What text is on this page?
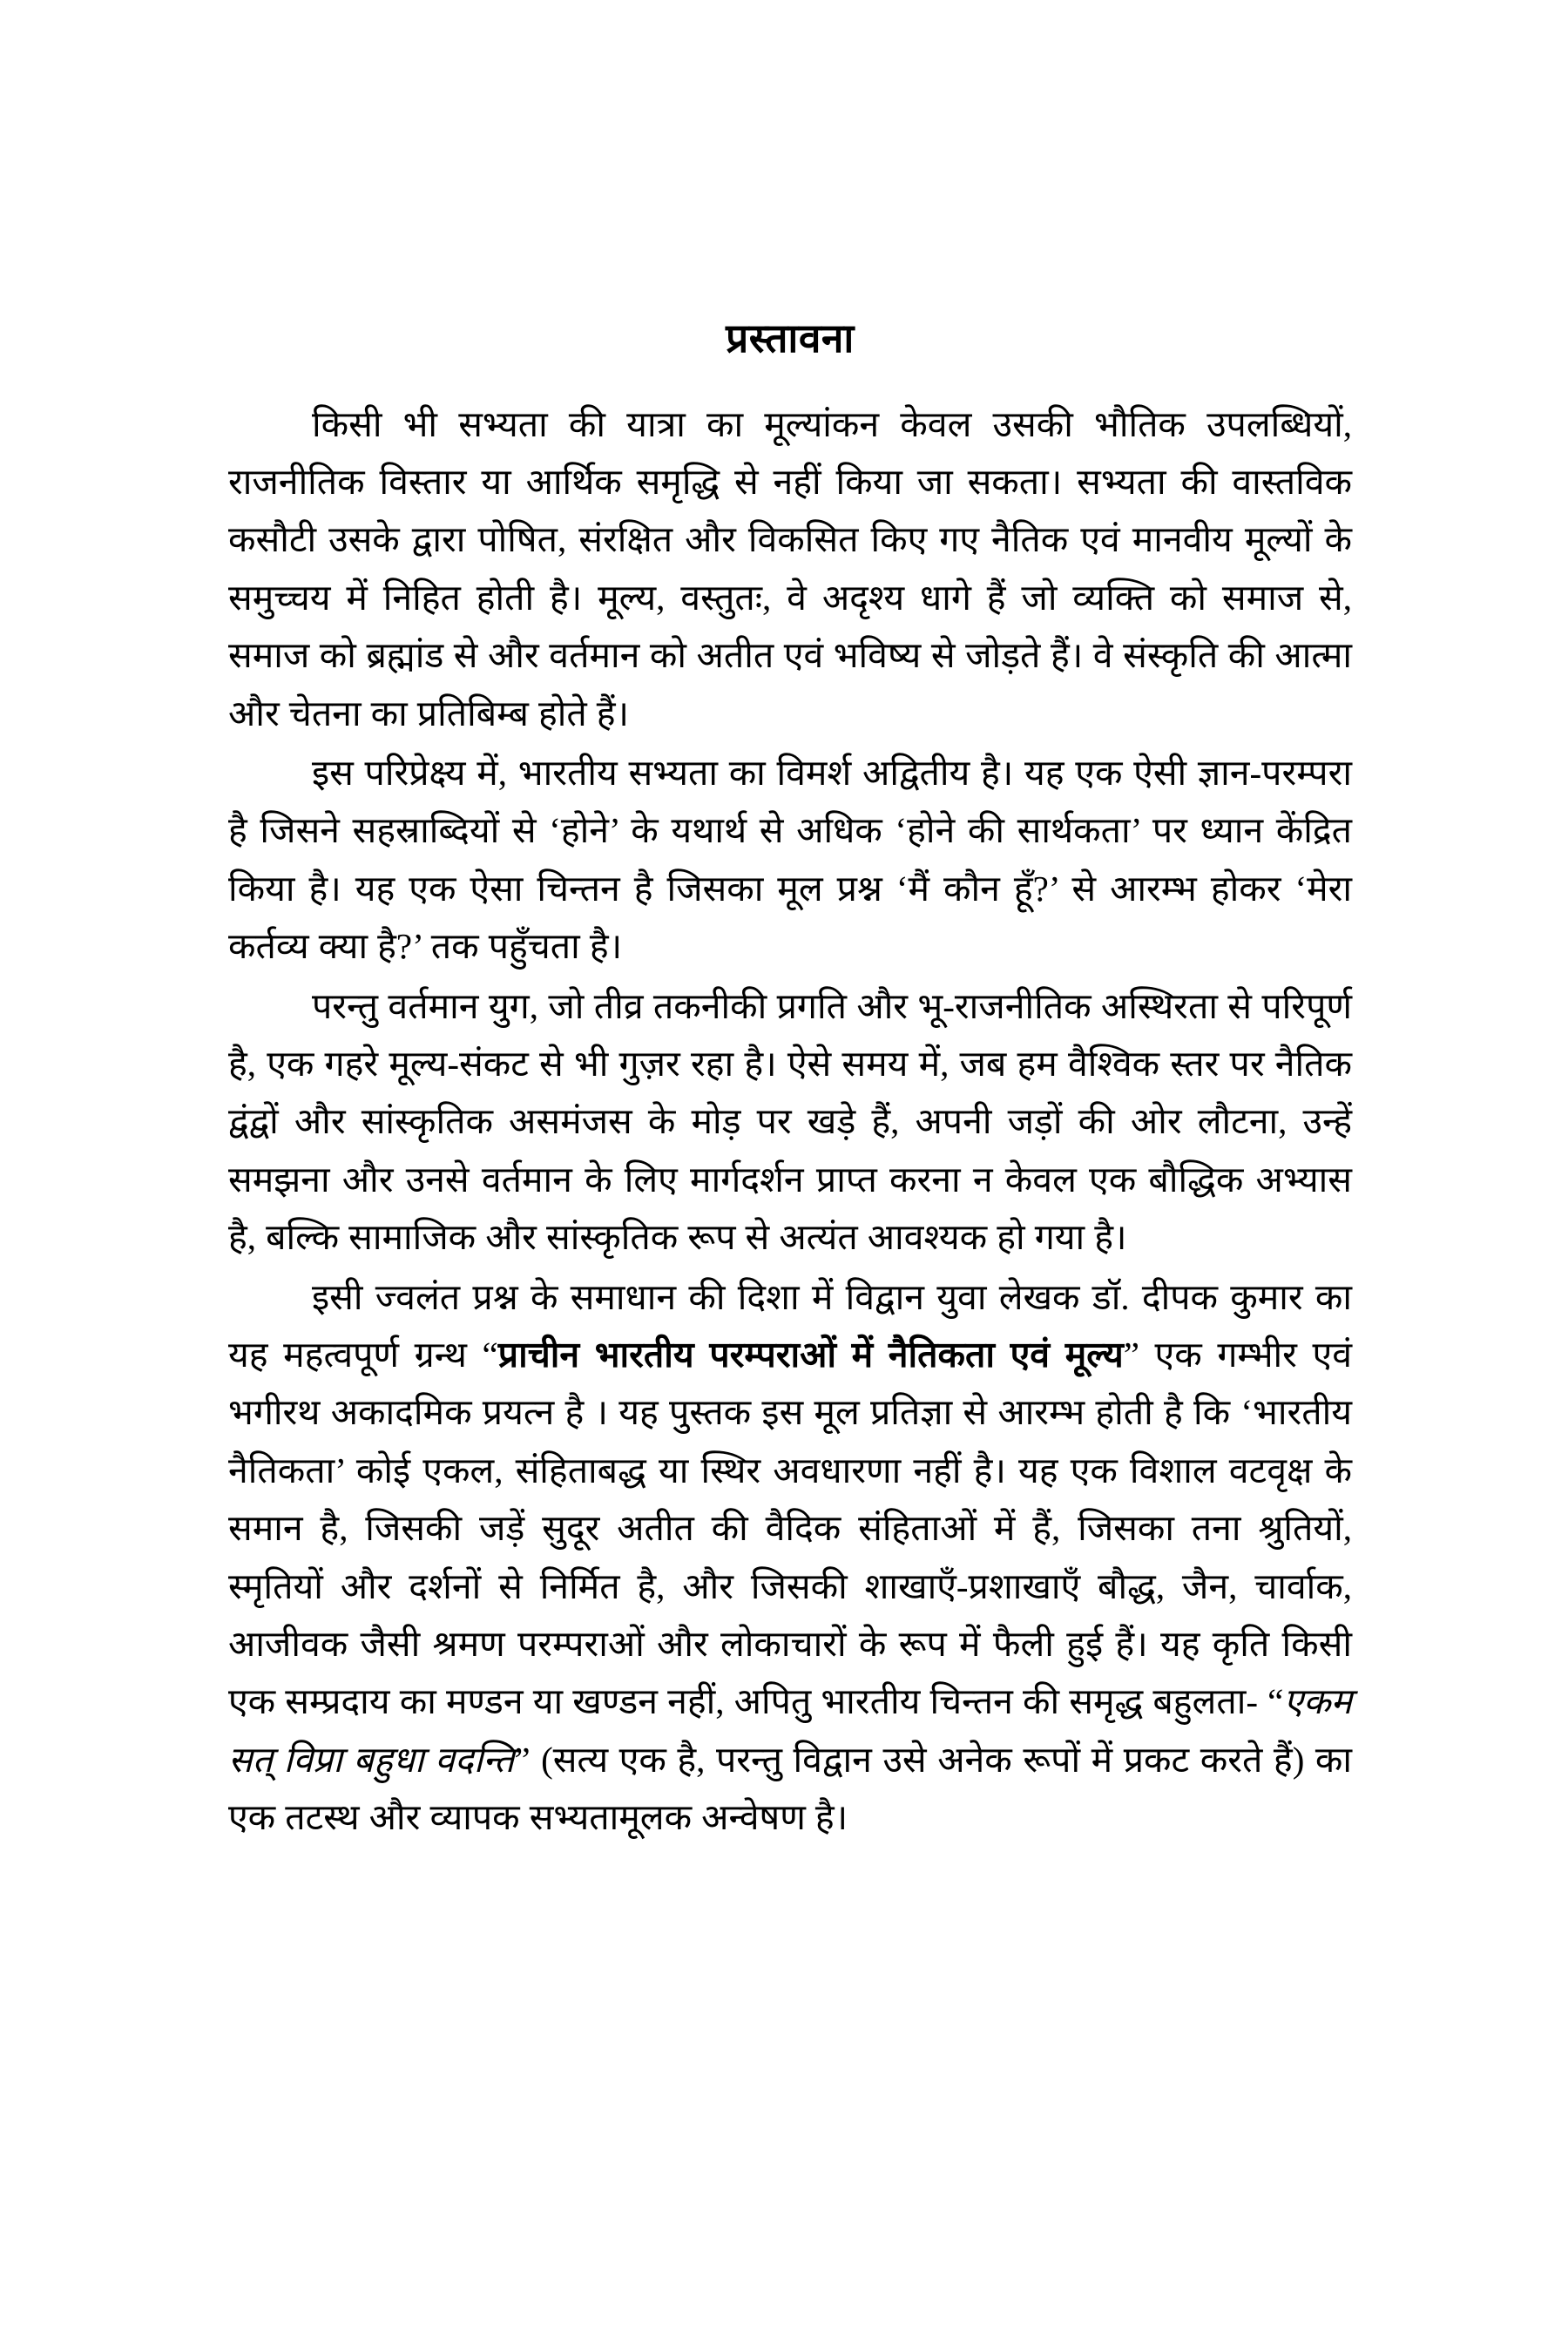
प्रस्तावना

किसी भी सभ्यता की यात्रा का मूल्यांकन केवल उसकी भौतिक उपलब्धियों, राजनीतिक विस्तार या आर्थिक समृद्धि से नहीं किया जा सकता। सभ्यता की वास्तविक कसौटी उसके द्वारा पोषित, संरक्षित और विकसित किए गए नैतिक एवं मानवीय मूल्यों के समुच्चय में निहित होती है। मूल्य, वस्तुतः, वे अदृश्य धागे हैं जो व्यक्ति को समाज से, समाज को ब्रह्मांड से और वर्तमान को अतीत एवं भविष्य से जोड़ते हैं। वे संस्कृति की आत्मा और चेतना का प्रतिबिम्ब होते हैं।

इस परिप्रेक्ष्य में, भारतीय सभ्यता का विमर्श अद्वितीय है। यह एक ऐसी ज्ञान-परम्परा है जिसने सहस्राब्दियों से ‘होने’ के यथार्थ से अधिक ‘होने की सार्थकता’ पर ध्यान केंद्रित किया है। यह एक ऐसा चिन्तन है जिसका मूल प्रश्न ‘मैं कौन हूँ?’ से आरम्भ होकर ‘मेरा कर्तव्य क्या है?’ तक पहुँचता है।

परन्तु वर्तमान युग, जो तीव्र तकनीकी प्रगति और भू-राजनीतिक अस्थिरता से परिपूर्ण है, एक गहरे मूल्य-संकट से भी गुज़र रहा है। ऐसे समय में, जब हम वैश्विक स्तर पर नैतिक द्वंद्वों और सांस्कृतिक असमंजस के मोड़ पर खड़े हैं, अपनी जड़ों की ओर लौटना, उन्हें समझना और उनसे वर्तमान के लिए मार्गदर्शन प्राप्त करना न केवल एक बौद्धिक अभ्यास है, बल्कि सामाजिक और सांस्कृतिक रूप से अत्यंत आवश्यक हो गया है।

इसी ज्वलंत प्रश्न के समाधान की दिशा में विद्वान युवा लेखक डॉ. दीपक कुमार का यह महत्वपूर्ण ग्रन्थ “प्राचीन भारतीय परम्पराओं में नैतिकता एवं मूल्य” एक गम्भीर एवं भगीरथ अकादमिक प्रयत्न है । यह पुस्तक इस मूल प्रतिज्ञा से आरम्भ होती है कि ‘भारतीय नैतिकता’ कोई एकल, संहिताबद्ध या स्थिर अवधारणा नहीं है। यह एक विशाल वटवृक्ष के समान है, जिसकी जड़ें सुदूर अतीत की वैदिक संहिताओं में हैं, जिसका तना श्रुतियों, स्मृतियों और दर्शनों से निर्मित है, और जिसकी शाखाएँ-प्रशाखाएँ बौद्ध, जैन, चार्वाक, आजीवक जैसी श्रमण परम्पराओं और लोकाचारों के रूप में फैली हुई हैं। यह कृति किसी एक सम्प्रदाय का मण्डन या खण्डन नहीं, अपितु भारतीय चिन्तन की समृद्ध बहुलता- “एकम सत् विप्रा बहुधा वदन्ति” (सत्य एक है, परन्तु विद्वान उसे अनेक रूपों में प्रकट करते हैं) का एक तटस्थ और व्यापक सभ्यतामूलक अन्वेषण है।
